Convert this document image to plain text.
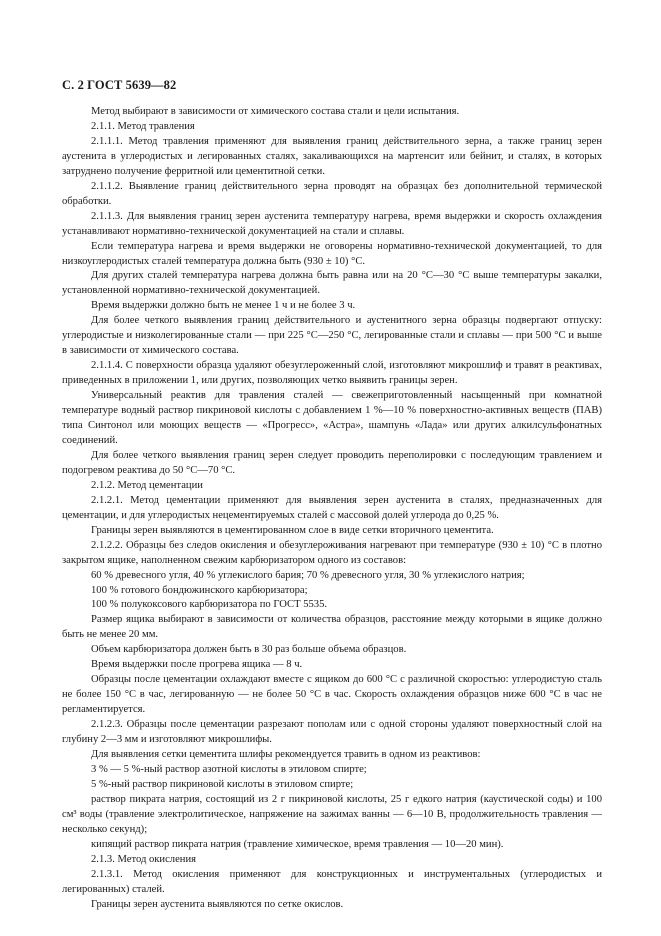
С. 2 ГОСТ 5639—82

Метод выбирают в зависимости от химического состава стали и цели испытания.

2.1.1. Метод травления

2.1.1.1. Метод травления применяют для выявления границ действительного зерна, а также границ зерен аустенита в углеродистых и легированных сталях, закаливающихся на мартенсит или бейнит, и сталях, в которых затруднено получение ферритной или цементитной сетки.

2.1.1.2. Выявление границ действительного зерна проводят на образцах без дополнительной термической обработки.

2.1.1.3. Для выявления границ зерен аустенита температуру нагрева, время выдержки и скорость охлаждения устанавливают нормативно-технической документацией на стали и сплавы.

Если температура нагрева и время выдержки не оговорены нормативно-технической документацией, то для низкоуглеродистых сталей температура должна быть (930 ± 10) °С.

Для других сталей температура нагрева должна быть равна или на 20 °С—30 °С выше температуры закалки, установленной нормативно-технической документацией.

Время выдержки должно быть не менее 1 ч и не более 3 ч.

Для более четкого выявления границ действительного и аустенитного зерна образцы подвергают отпуску: углеродистые и низколегированные стали — при 225 °С—250 °С, легированные стали и сплавы — при 500 °С и выше в зависимости от химического состава.

2.1.1.4. С поверхности образца удаляют обезуглероженный слой, изготовляют микрошлиф и травят в реактивах, приведенных в приложении 1, или других, позволяющих четко выявить границы зерен.

Универсальный реактив для травления сталей — свежеприготовленный насыщенный при комнатной температуре водный раствор пикриновой кислоты с добавлением 1 %—10 % поверхностно-активных веществ (ПАВ) типа Синтонол или моющих веществ — «Прогресс», «Астра», шампунь «Лада» или других алкилсульфонатных соединений.

Для более четкого выявления границ зерен следует проводить переполировки с последующим травлением и подогревом реактива до 50 °С—70 °С.

2.1.2. Метод цементации

2.1.2.1. Метод цементации применяют для выявления зерен аустенита в сталях, предназначенных для цементации, и для углеродистых нецементируемых сталей с массовой долей углерода до 0,25 %.

Границы зерен выявляются в цементированном слое в виде сетки вторичного цементита.

2.1.2.2. Образцы без следов окисления и обезуглероживания нагревают при температуре (930 ± 10) °С в плотно закрытом ящике, наполненном свежим карбюризатором одного из составов:

60 % древесного угля, 40 % углекислого бария; 70 % древесного угля, 30 % углекислого натрия;

100 % готового бондюжинского карбюризатора;

100 % полукоксового карбюризатора по ГОСТ 5535.

Размер ящика выбирают в зависимости от количества образцов, расстояние между которыми в ящике должно быть не менее 20 мм.

Объем карбюризатора должен быть в 30 раз больше объема образцов.

Время выдержки после прогрева ящика — 8 ч.

Образцы после цементации охлаждают вместе с ящиком до 600 °С с различной скоростью: углеродистую сталь не более 150 °С в час, легированную — не более 50 °С в час. Скорость охлаждения образцов ниже 600 °С в час не регламентируется.

2.1.2.3. Образцы после цементации разрезают пополам или с одной стороны удаляют поверхностный слой на глубину 2—3 мм и изготовляют микрошлифы.

Для выявления сетки цементита шлифы рекомендуется травить в одном из реактивов:

3 % — 5 %-ный раствор азотной кислоты в этиловом спирте;

5 %-ный раствор пикриновой кислоты в этиловом спирте;

раствор пикрата натрия, состоящий из 2 г пикриновой кислоты, 25 г едкого натрия (каустической соды) и 100 см³ воды (травление электролитическое, напряжение на зажимах ванны — 6—10 В, продолжительность травления — несколько секунд);

кипящий раствор пикрата натрия (травление химическое, время травления — 10—20 мин).

2.1.3. Метод окисления

2.1.3.1. Метод окисления применяют для конструкционных и инструментальных (углеродистых и легированных) сталей.

Границы зерен аустенита выявляются по сетке окислов.
